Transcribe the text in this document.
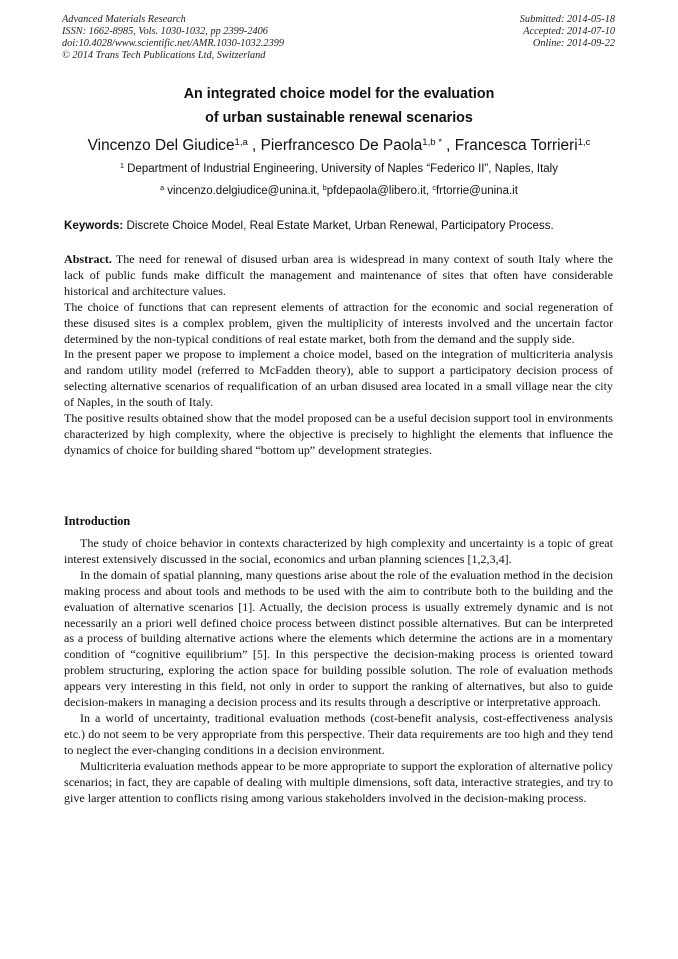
Advanced Materials Research
ISSN: 1662-8985, Vols. 1030-1032, pp 2399-2406
doi:10.4028/www.scientific.net/AMR.1030-1032.2399
© 2014 Trans Tech Publications Ltd, Switzerland
Submitted: 2014-05-18
Accepted: 2014-07-10
Online: 2014-09-22
An integrated choice model for the evaluation
of urban sustainable renewal scenarios
Vincenzo Del Giudice$^{1,a}$ , Pierfrancesco De Paola$^{1,b *}$ , Francesca Torrieri$^{1,c}$
$^1$ Department of Industrial Engineering, University of Naples “Federico II”, Naples, Italy
$^a$ vincenzo.delgiudice@unina.it, $^b$pfdepaola@libero.it, $^c$frtorrie@unina.it
Keywords: Discrete Choice Model, Real Estate Market, Urban Renewal, Participatory Process.

Abstract. The need for renewal of disused urban area is widespread in many context of south Italy where the lack of public funds make difficult the management and maintenance of sites that often have considerable historical and architecture values.

The choice of functions that can represent elements of attraction for the economic and social regeneration of these disused sites is a complex problem, given the multiplicity of interests involved and the uncertain factor determined by the non-typical conditions of real estate market, both from the demand and the supply side.

In the present paper we propose to implement a choice model, based on the integration of multicriteria analysis and random utility model (referred to McFadden theory), able to support a participatory decision process of selecting alternative scenarios of requalification of an urban disused area located in a small village near the city of Naples, in the south of Italy.

The positive results obtained show that the model proposed can be a useful decision support tool in environments characterized by high complexity, where the objective is precisely to highlight the elements that influence the dynamics of choice for building shared “bottom up” development strategies.

Introduction

The study of choice behavior in contexts characterized by high complexity and uncertainty is a topic of great interest extensively discussed in the social, economics and urban planning sciences [1,2,3,4].

In the domain of spatial planning, many questions arise about the role of the evaluation method in the decision making process and about tools and methods to be used with the aim to contribute both to the building and the evaluation of alternative scenarios [1]. Actually, the decision process is usually extremely dynamic and is not necessarily an a priori well defined choice process between distinct possible alternatives. But can be interpreted as a process of building alternative actions where the elements which determine the actions are in a momentary condition of “cognitive equilibrium” [5]. In this perspective the decision-making process is oriented toward problem structuring, exploring the action space for building possible solution. The role of evaluation methods appears very interesting in this field, not only in order to support the ranking of alternatives, but also to guide decision-makers in managing a decision process and its results through a descriptive or interpretative approach.

In a world of uncertainty, traditional evaluation methods (cost-benefit analysis, cost-effectiveness analysis etc.) do not seem to be very appropriate from this perspective. Their data requirements are too high and they tend to neglect the ever-changing conditions in a decision environment.

Multicriteria evaluation methods appear to be more appropriate to support the exploration of alternative policy scenarios; in fact, they are capable of dealing with multiple dimensions, soft data, interactive strategies, and try to give larger attention to conflicts rising among various stakeholders involved in the decision-making process.
